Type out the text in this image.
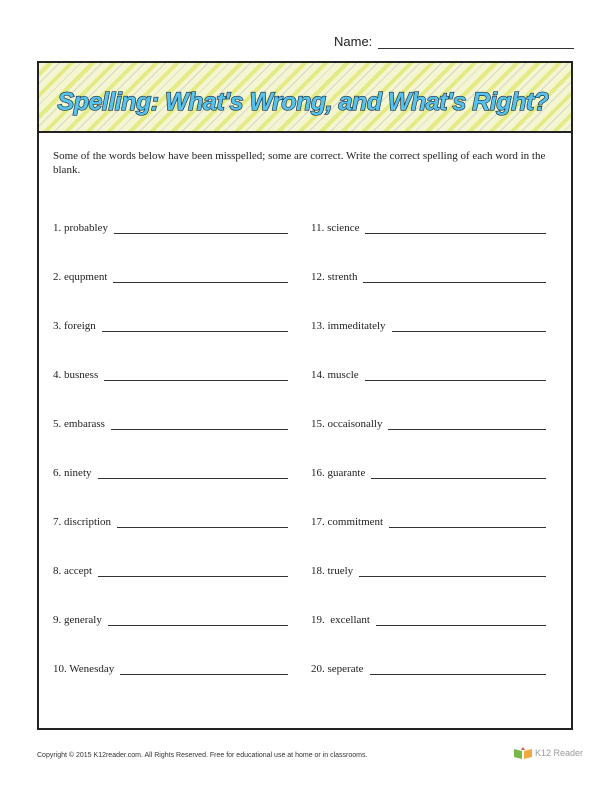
Name:
Spelling: What's Wrong, and What's Right?
Some of the words below have been misspelled; some are correct. Write the correct spelling of each word in the blank.
1. probabley
2. equpment
3. foreign
4. busness
5. embarass
6. ninety
7. discription
8. accept
9. generaly
10. Wenesday
11. science
12. strenth
13. immeditately
14. muscle
15. occaisonally
16. guarante
17. commitment
18. truely
19.  excellant
20. seperate
Copyright © 2015 K12reader.com. All Rights Reserved. Free for educational use at home or in classrooms.	K12 Reader
